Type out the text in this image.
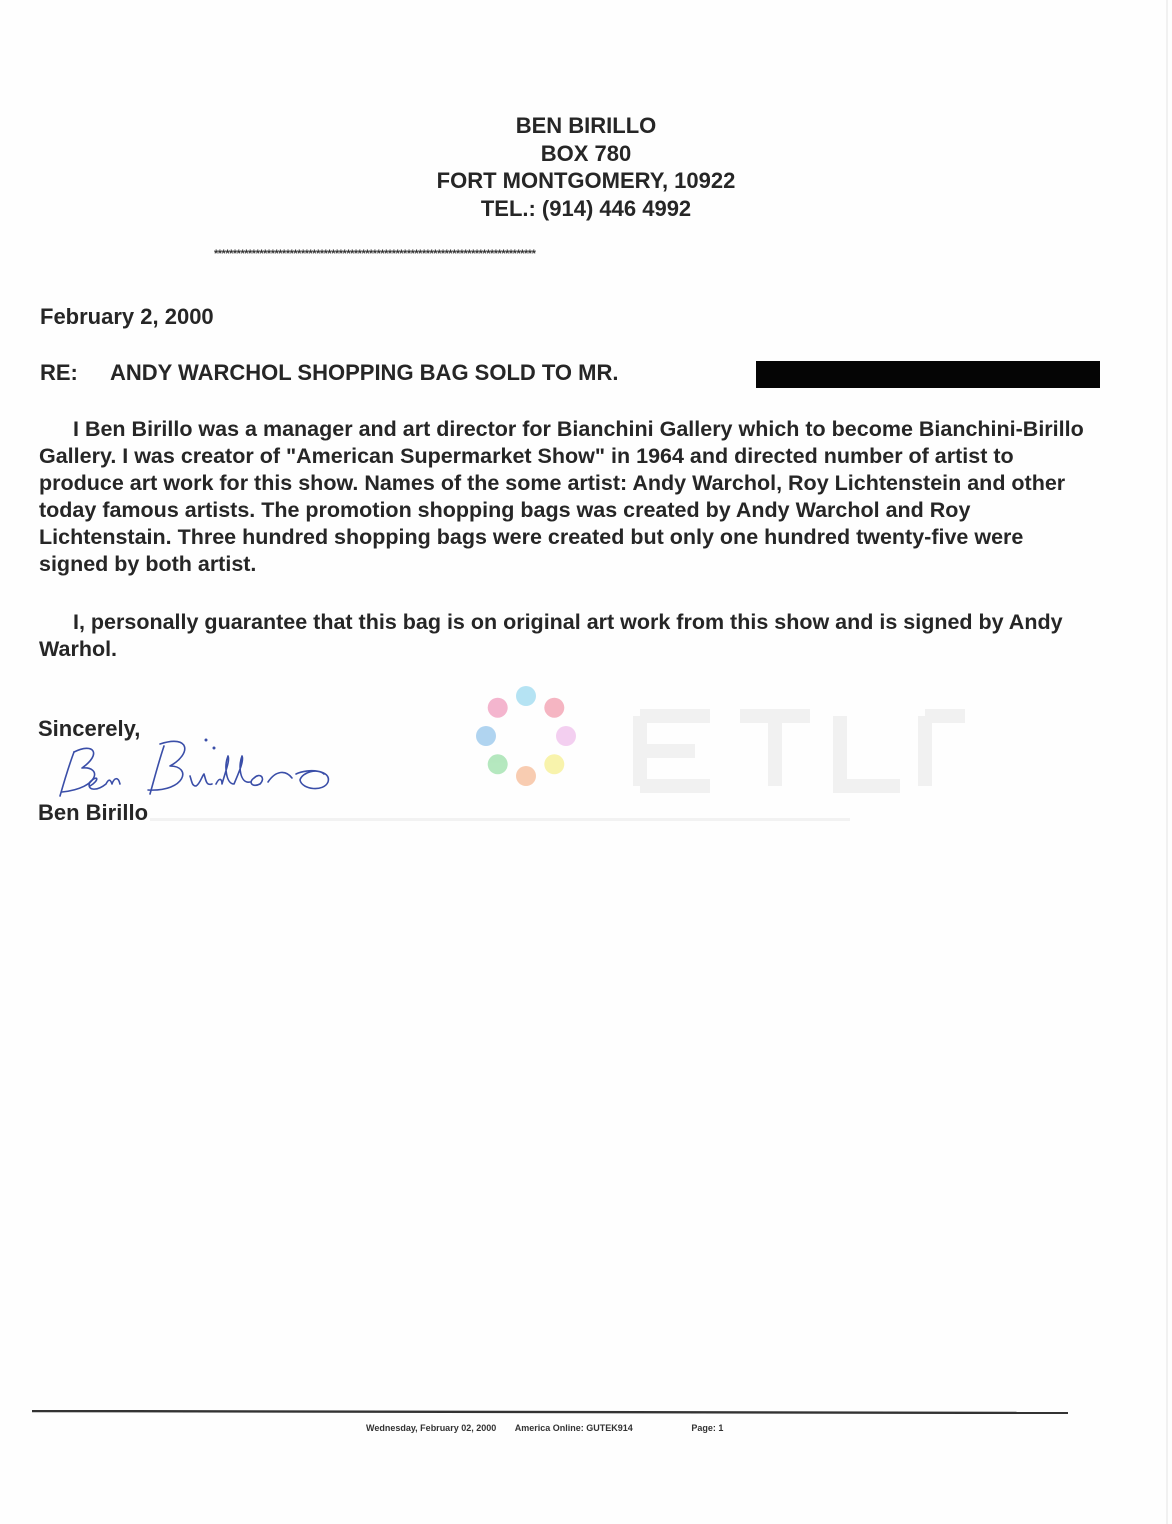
BEN BIRILLO
BOX 780
FORT MONTGOMERY, 10922
TEL.: (914) 446 4992
*************************************************************************************
February 2, 2000
RE: ANDY WARCHOL SHOPPING BAG SOLD TO MR.
I Ben Birillo was a manager and art director for Bianchini Gallery which to become Bianchini-Birillo Gallery. I was creator of "American Supermarket Show" in 1964 and directed number of artist to produce art work for this show. Names of the some artist: Andy Warchol, Roy Lichtenstein and other today famous artists. The promotion shopping bags was created by Andy Warchol and Roy Lichtenstain. Three hundred shopping bags were created but only one hundred twenty-five were signed by both artist.
I, personally guarantee that this bag is on original art work from this show and is signed by Andy Warhol.
Sincerely,
Ben Birillo
Wednesday, February 02, 2000 America Online: GUTEK914	Page: 1
